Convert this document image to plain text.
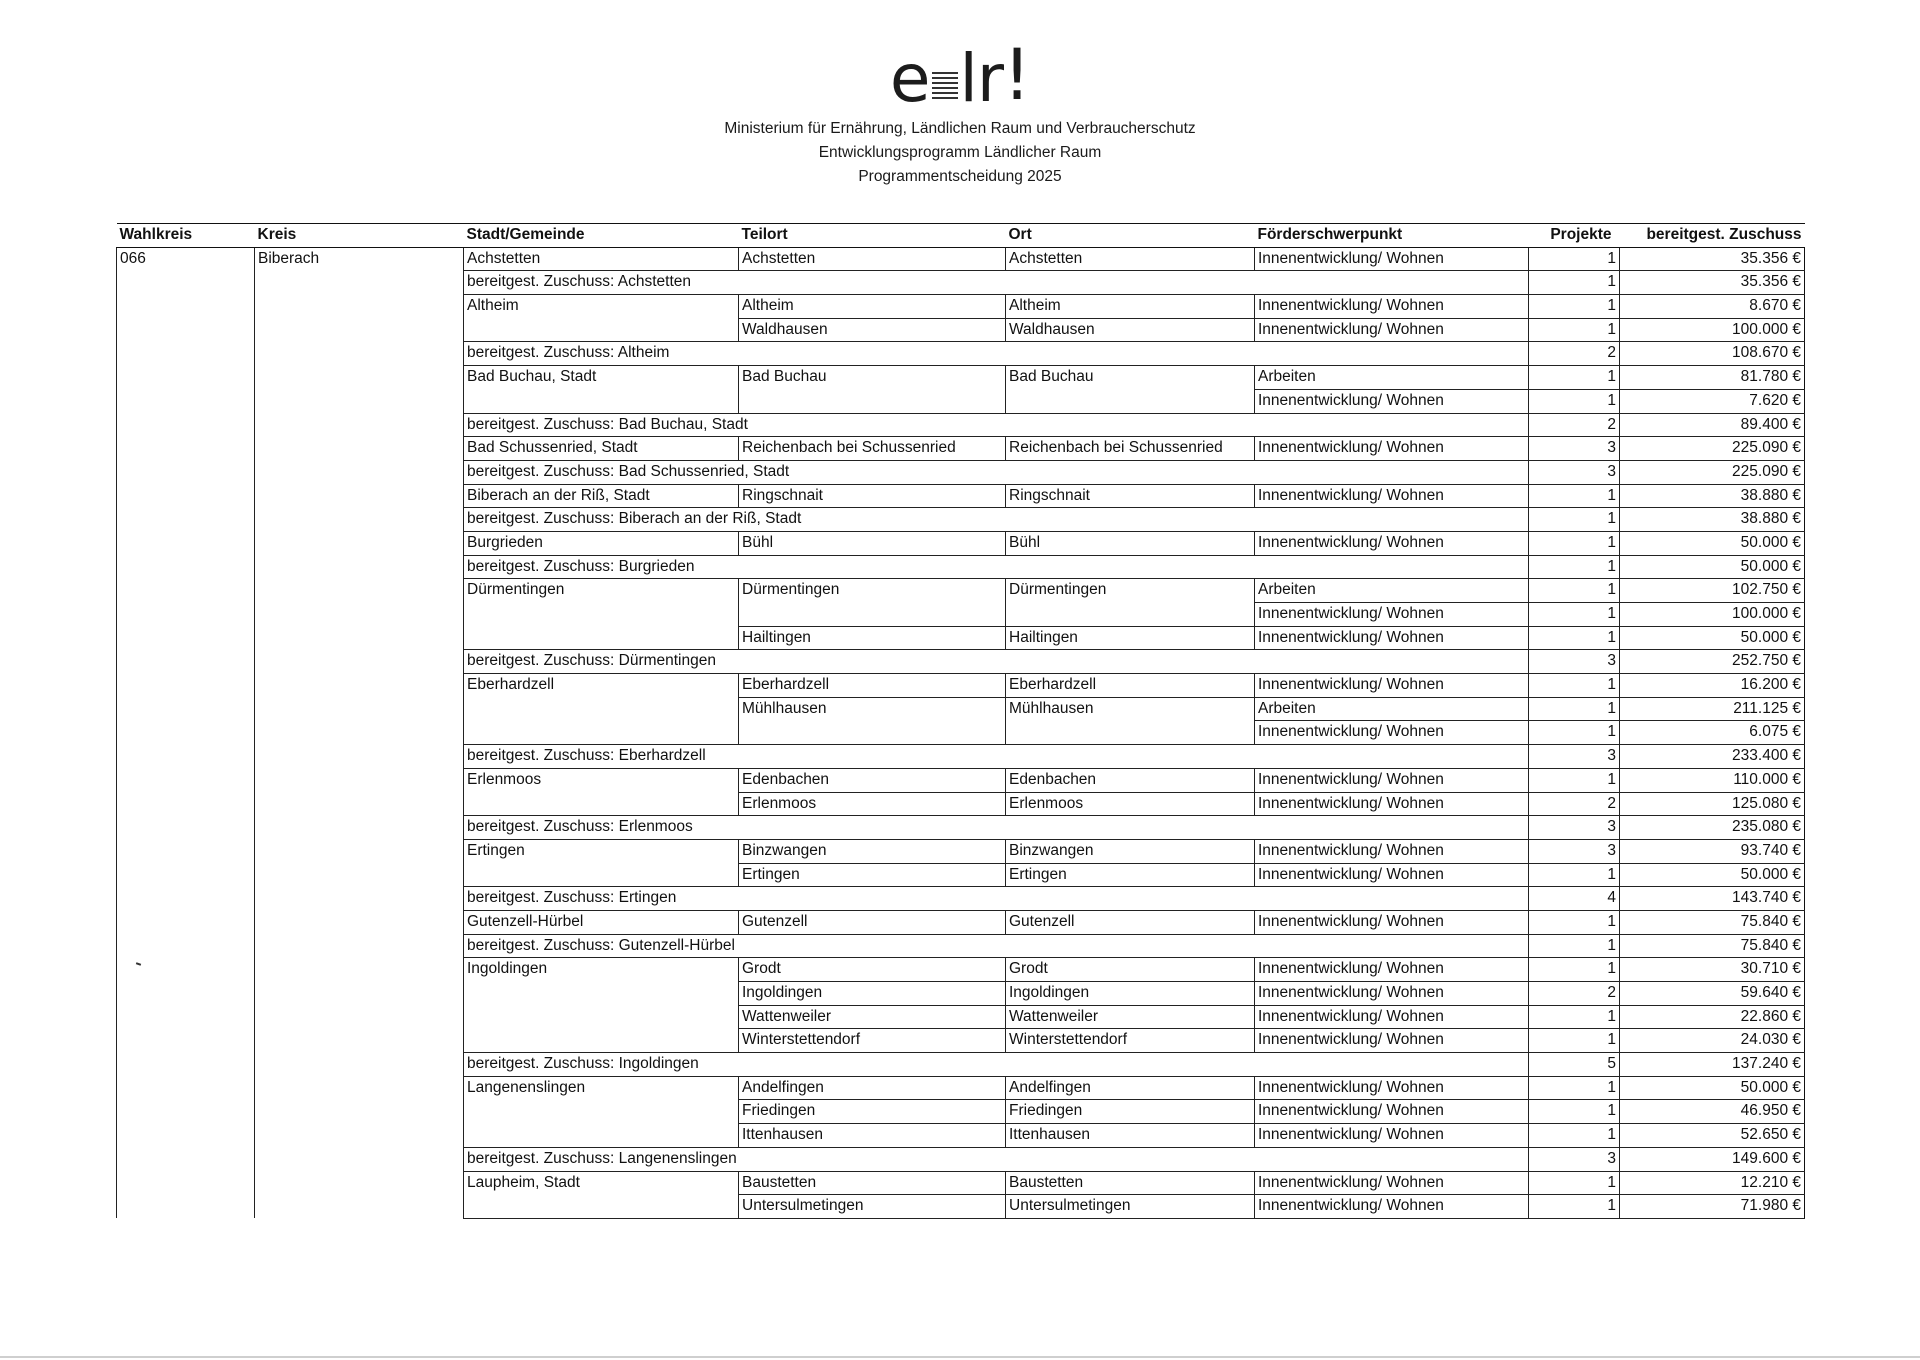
e lr !
Ministerium für Ernährung, Ländlichen Raum und Verbraucherschutz
Entwicklungsprogramm Ländlicher Raum
Programmentscheidung 2025
Wahlkreis	Kreis	Stadt/Gemeinde	Teilort	Ort	Förderschwerpunkt	Projekte	bereitgest. Zuschuss
066	Biberach	Achstetten	Achstetten	Achstetten	Innenentwicklung/ Wohnen	1	35.356 €
		bereitgest. Zuschuss: Achstetten				1	35.356 €
		Altheim	Altheim	Altheim	Innenentwicklung/ Wohnen	1	8.670 €
			Waldhausen	Waldhausen	Innenentwicklung/ Wohnen	1	100.000 €
		bereitgest. Zuschuss: Altheim				2	108.670 €
		Bad Buchau, Stadt	Bad Buchau	Bad Buchau	Arbeiten	1	81.780 €
					Innenentwicklung/ Wohnen	1	7.620 €
		bereitgest. Zuschuss: Bad Buchau, Stadt				2	89.400 €
		Bad Schussenried, Stadt	Reichenbach bei Schussenried	Reichenbach bei Schussenried	Innenentwicklung/ Wohnen	3	225.090 €
		bereitgest. Zuschuss: Bad Schussenried, Stadt				3	225.090 €
		Biberach an der Riß, Stadt	Ringschnait	Ringschnait	Innenentwicklung/ Wohnen	1	38.880 €
		bereitgest. Zuschuss: Biberach an der Riß, Stadt				1	38.880 €
		Burgrieden	Bühl	Bühl	Innenentwicklung/ Wohnen	1	50.000 €
		bereitgest. Zuschuss: Burgrieden				1	50.000 €
		Dürmentingen	Dürmentingen	Dürmentingen	Arbeiten	1	102.750 €
					Innenentwicklung/ Wohnen	1	100.000 €
			Hailtingen	Hailtingen	Innenentwicklung/ Wohnen	1	50.000 €
		bereitgest. Zuschuss: Dürmentingen				3	252.750 €
		Eberhardzell	Eberhardzell	Eberhardzell	Innenentwicklung/ Wohnen	1	16.200 €
			Mühlhausen	Mühlhausen	Arbeiten	1	211.125 €
					Innenentwicklung/ Wohnen	1	6.075 €
		bereitgest. Zuschuss: Eberhardzell				3	233.400 €
		Erlenmoos	Edenbachen	Edenbachen	Innenentwicklung/ Wohnen	1	110.000 €
			Erlenmoos	Erlenmoos	Innenentwicklung/ Wohnen	2	125.080 €
		bereitgest. Zuschuss: Erlenmoos				3	235.080 €
		Ertingen	Binzwangen	Binzwangen	Innenentwicklung/ Wohnen	3	93.740 €
			Ertingen	Ertingen	Innenentwicklung/ Wohnen	1	50.000 €
		bereitgest. Zuschuss: Ertingen				4	143.740 €
		Gutenzell-Hürbel	Gutenzell	Gutenzell	Innenentwicklung/ Wohnen	1	75.840 €
		bereitgest. Zuschuss: Gutenzell-Hürbel				1	75.840 €
		Ingoldingen	Grodt	Grodt	Innenentwicklung/ Wohnen	1	30.710 €
			Ingoldingen	Ingoldingen	Innenentwicklung/ Wohnen	2	59.640 €
			Wattenweiler	Wattenweiler	Innenentwicklung/ Wohnen	1	22.860 €
			Winterstettendorf	Winterstettendorf	Innenentwicklung/ Wohnen	1	24.030 €
		bereitgest. Zuschuss: Ingoldingen				5	137.240 €
		Langenenslingen	Andelfingen	Andelfingen	Innenentwicklung/ Wohnen	1	50.000 €
			Friedingen	Friedingen	Innenentwicklung/ Wohnen	1	46.950 €
			Ittenhausen	Ittenhausen	Innenentwicklung/ Wohnen	1	52.650 €
		bereitgest. Zuschuss: Langenenslingen				3	149.600 €
		Laupheim, Stadt	Baustetten	Baustetten	Innenentwicklung/ Wohnen	1	12.210 €
			Untersulmetingen	Untersulmetingen	Innenentwicklung/ Wohnen	1	71.980 €
